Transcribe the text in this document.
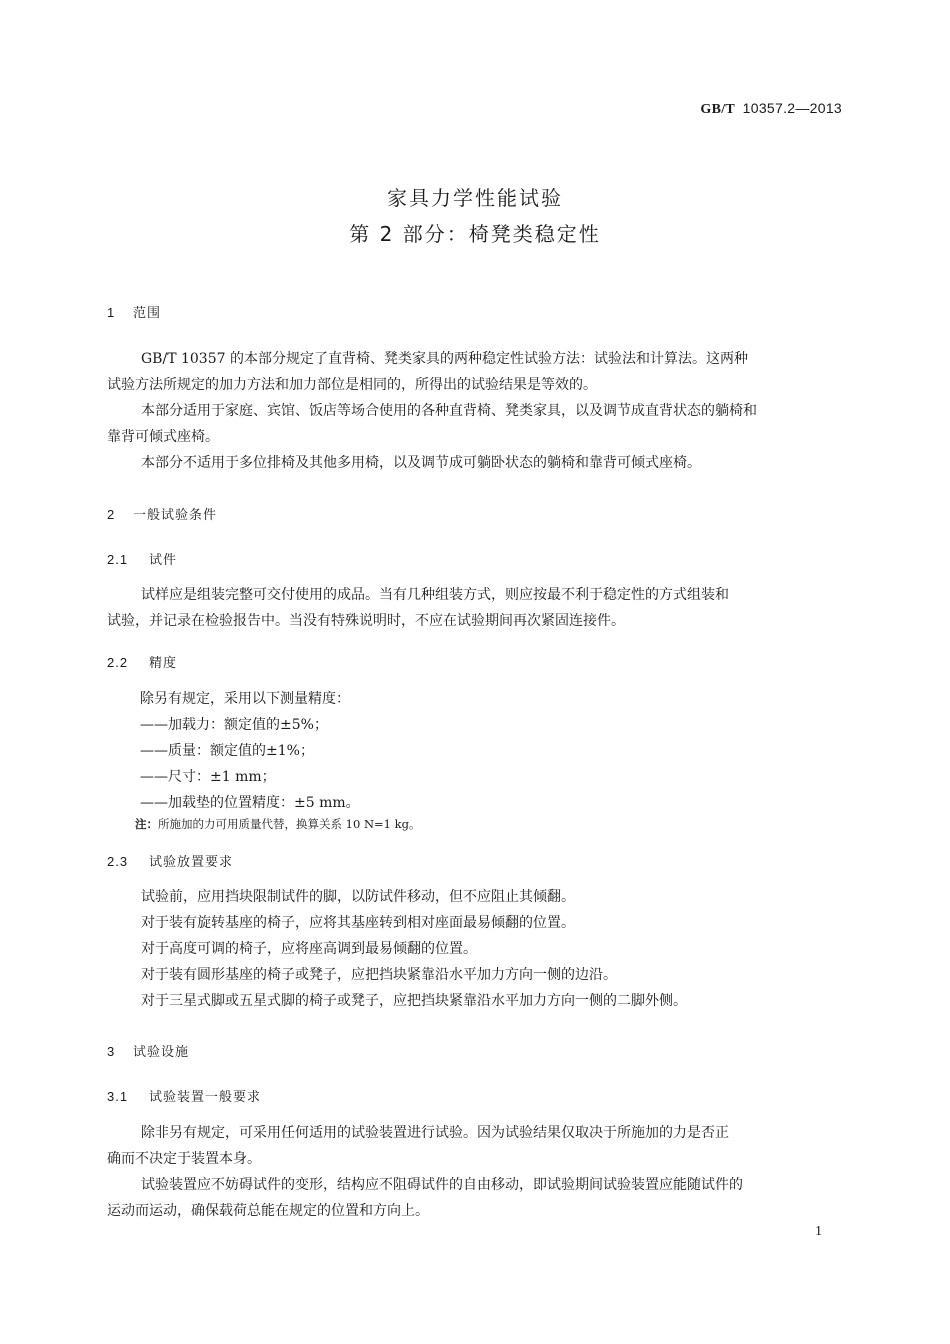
GB/T 10357.2—2013
家具力学性能试验
第 2 部分：椅凳类稳定性
1 范围
GB/T 10357 的本部分规定了直背椅、凳类家具的两种稳定性试验方法：试验法和计算法。这两种
试验方法所规定的加力方法和加力部位是相同的，所得出的试验结果是等效的。
本部分适用于家庭、宾馆、饭店等场合使用的各种直背椅、凳类家具，以及调节成直背状态的躺椅和
靠背可倾式座椅。
本部分不适用于多位排椅及其他多用椅，以及调节成可躺卧状态的躺椅和靠背可倾式座椅。
2 一般试验条件
2.1 试件
试样应是组装完整可交付使用的成品。当有几种组装方式，则应按最不利于稳定性的方式组装和
试验，并记录在检验报告中。当没有特殊说明时，不应在试验期间再次紧固连接件。
2.2 精度
除另有规定，采用以下测量精度：
——加载力：额定值的±5%；
——质量：额定值的±1%；
——尺寸：±1 mm；
——加载垫的位置精度：±5 mm。
注：所施加的力可用质量代替，换算关系 10 N=1 kg。
2.3 试验放置要求
试验前，应用挡块限制试件的脚，以防试件移动，但不应阻止其倾翻。
对于装有旋转基座的椅子，应将其基座转到相对座面最易倾翻的位置。
对于高度可调的椅子，应将座高调到最易倾翻的位置。
对于装有圆形基座的椅子或凳子，应把挡块紧靠沿水平加力方向一侧的边沿。
对于三星式脚或五星式脚的椅子或凳子，应把挡块紧靠沿水平加力方向一侧的二脚外侧。
3 试验设施
3.1 试验装置一般要求
除非另有规定，可采用任何适用的试验装置进行试验。因为试验结果仅取决于所施加的力是否正
确而不决定于装置本身。
试验装置应不妨碍试件的变形，结构应不阻碍试件的自由移动，即试验期间试验装置应能随试件的
运动而运动，确保载荷总能在规定的位置和方向上。
1
